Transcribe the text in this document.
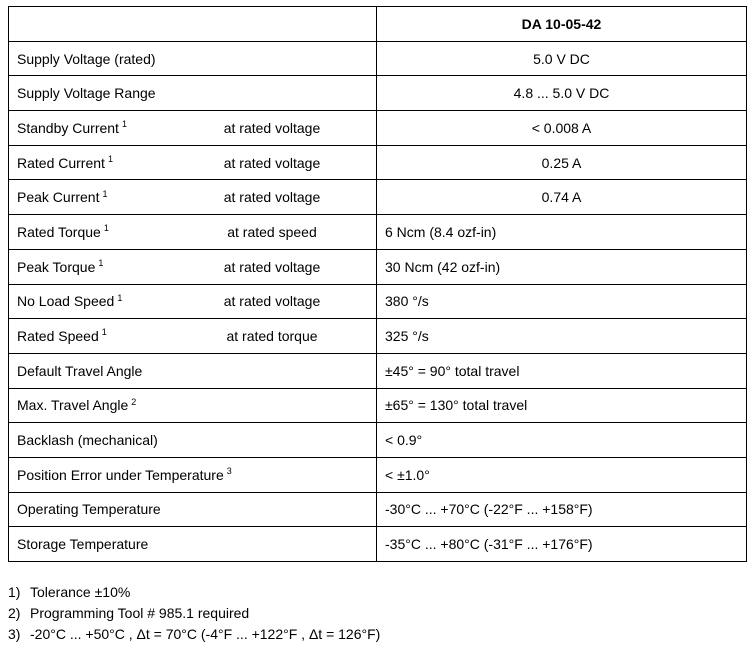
	DA 10-05-42

Supply Voltage (rated)	5.0 V DC

Supply Voltage Range	4.8 ... 5.0 V DC

Standby Current $^1$ at rated voltage	< 0.008 A

Rated Current $^1$ at rated voltage	0.25 A

Peak Current $^1$ at rated voltage	0.74 A

Rated Torque $^1$ at rated speed	6 Ncm (8.4 ozf-in)

Peak Torque $^1$ at rated voltage	30 Ncm (42 ozf-in)

No Load Speed $^1$ at rated voltage	380 °/s

Rated Speed $^1$ at rated torque	325 °/s

Default Travel Angle	±45° = 90° total travel

Max. Travel Angle $^2$	±65° = 130° total travel

Backlash (mechanical)	< 0.9°

Position Error under Temperature $^3$	< ±1.0°

Operating Temperature	-30°C ... +70°C (-22°F ... +158°F)

Storage Temperature	-35°C ... +80°C (-31°F ... +176°F)
1) Tolerance ±10%
2) Programming Tool # 985.1 required
3) -20°C ... +50°C , Δt = 70°C (-4°F ... +122°F , Δt = 126°F)
